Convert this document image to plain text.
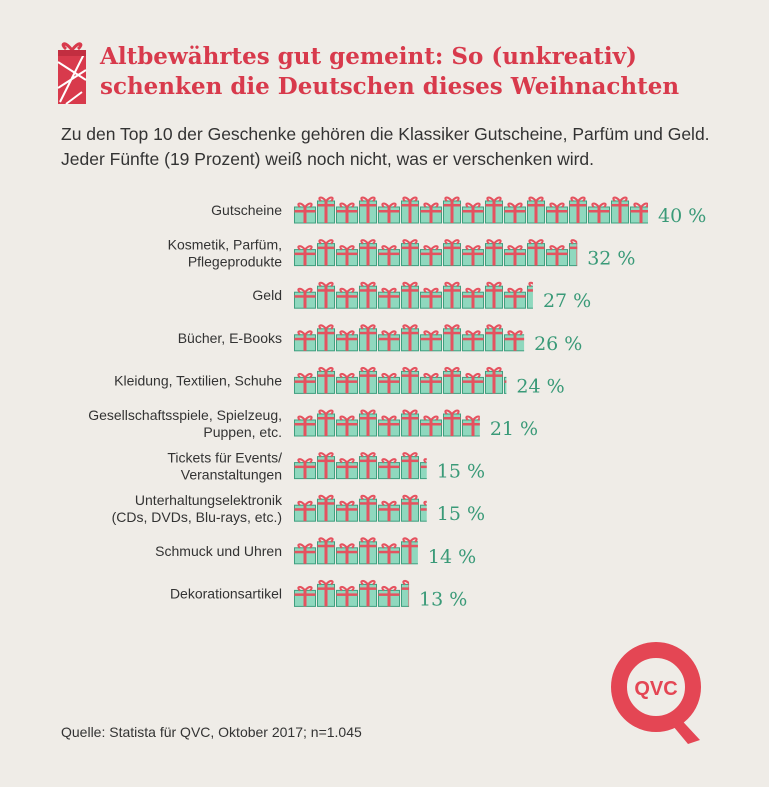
Altbewährtes gut gemeint: So (unkreativ) schenken die Deutschen dieses Weihnachten

Zu den Top 10 der Geschenke gehören die Klassiker Gutscheine, Parfüm und Geld. Jeder Fünfte (19 Prozent) weiß noch nicht, was er verschenken wird.

40 %
Gutscheine
32 %
Kosmetik, Parfüm, Pflegeprodukte
27 %
Geld
26 %
Bücher, E-Books
24 %
Kleidung, Textilien, Schuhe
21 %
Gesellschaftsspiele, Spielzeug, Puppen, etc.
15 %
Tickets für Events/ Veranstaltungen
15 %
Unterhaltungselektronik (CDs, DVDs, Blu-rays, etc.)
14 %
Schmuck und Uhren
13 %
Dekorationsartikel
Quelle: Statista für QVC, Oktober 2017; n=1.045
QVC
